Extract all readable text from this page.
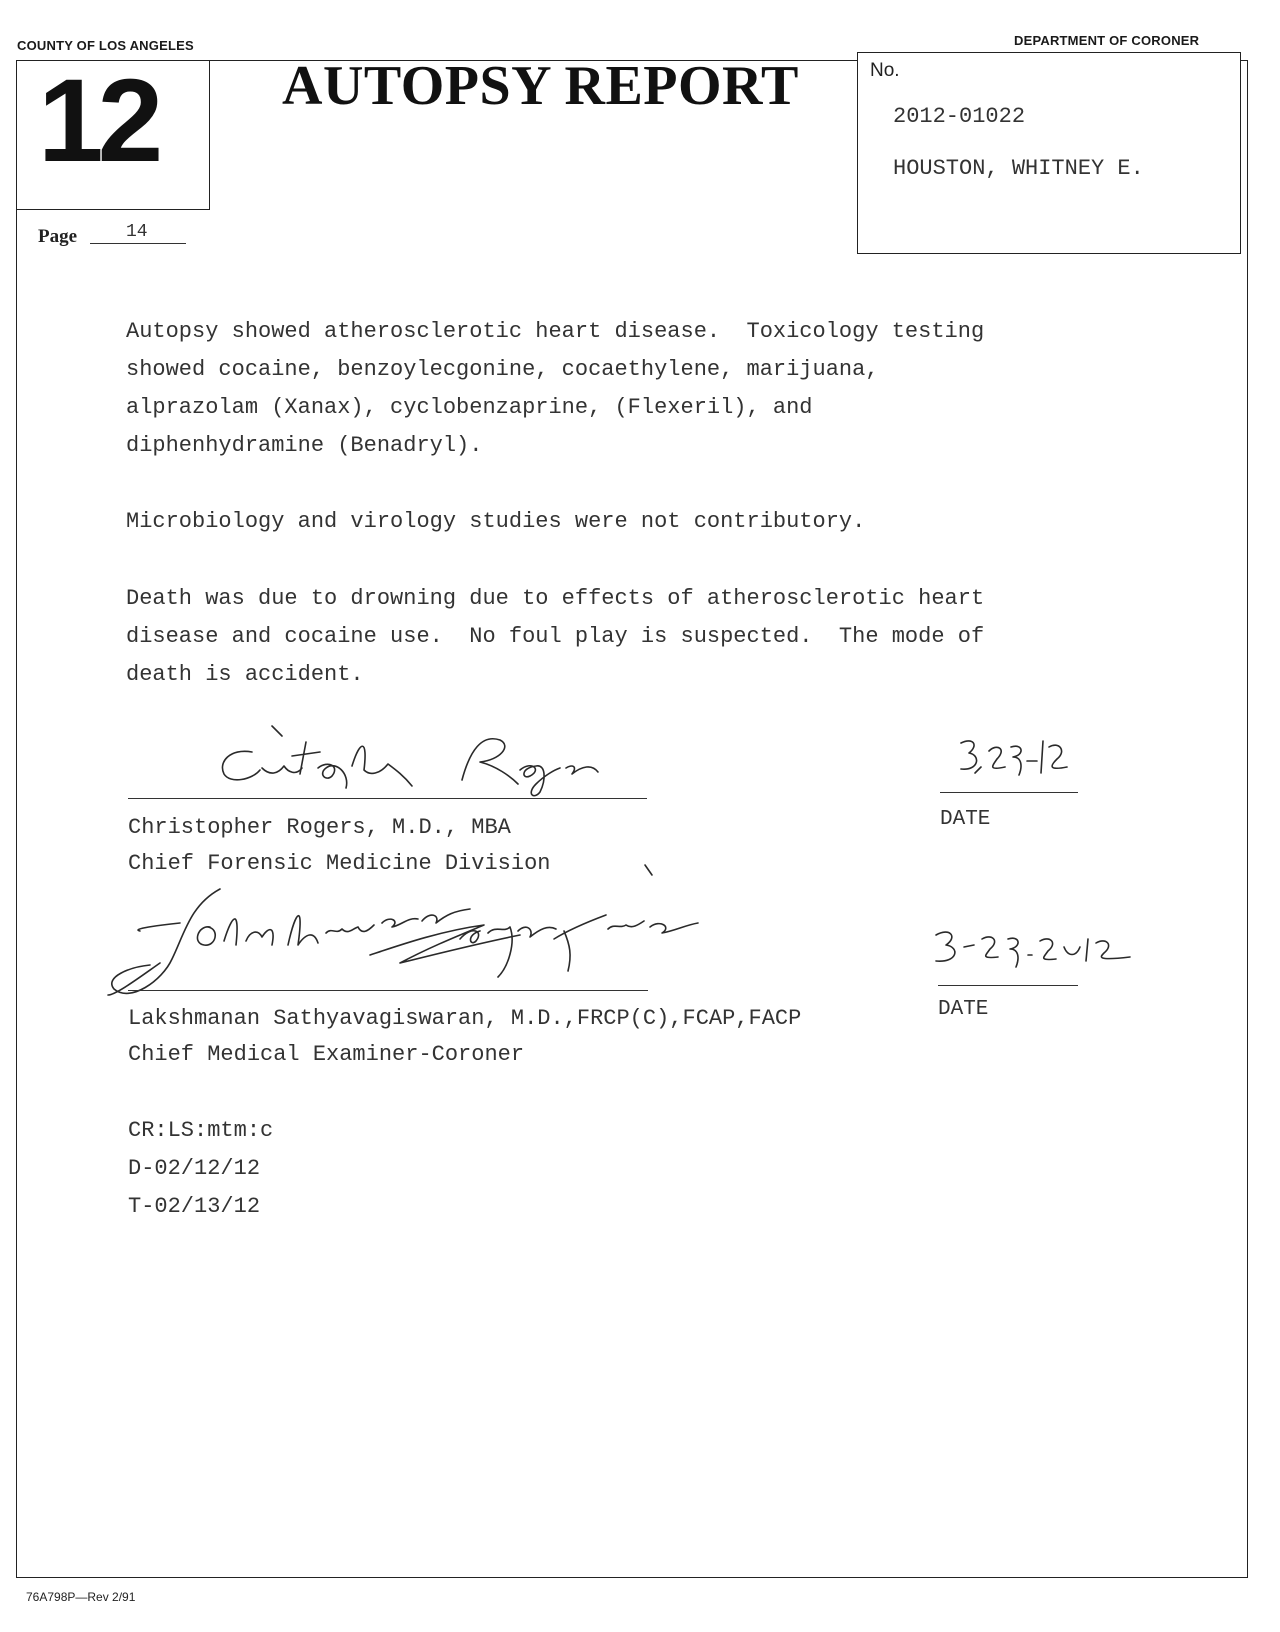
COUNTY OF LOS ANGELES	DEPARTMENT OF CORONER
12 AUTOPSY REPORT	No.
2012-01022
HOUSTON, WHITNEY E.
Page	14
Autopsy showed atherosclerotic heart disease.  Toxicology testing
showed cocaine, benzoylecgonine, cocaethylene, marijuana,
alprazolam (Xanax), cyclobenzaprine, (Flexeril), and
diphenhydramine (Benadryl).
Microbiology and virology studies were not contributory.
Death was due to drowning due to effects of atherosclerotic heart
disease and cocaine use.  No foul play is suspected.  The mode of
death is accident.
Christopher Rogers, M.D., MBA
Chief Forensic Medicine Division
DATE
Lakshmanan Sathyavagiswaran, M.D.,FRCP(C),FCAP,FACP
Chief Medical Examiner-Coroner
DATE
CR:LS:mtm:c
D-02/12/12
T-02/13/12
76A798P—Rev 2/91
